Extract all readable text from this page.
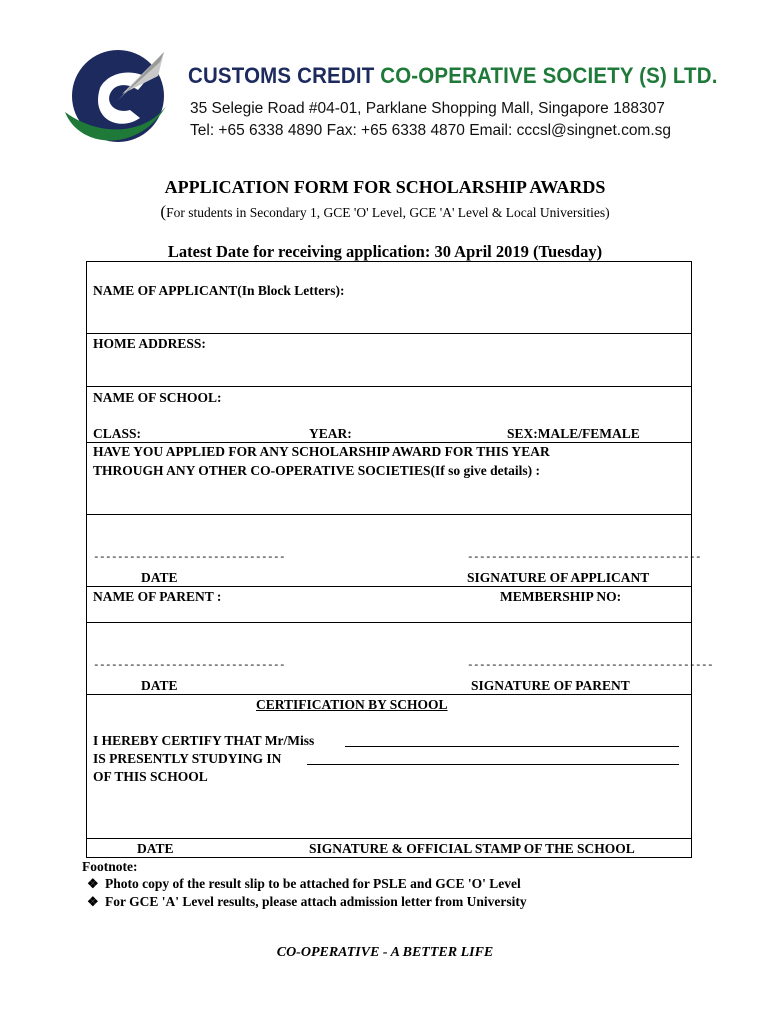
CUSTOMS CREDIT CO-OPERATIVE SOCIETY (S) LTD.
35 Selegie Road #04-01, Parklane Shopping Mall, Singapore 188307
Tel: +65 6338 4890 Fax: +65 6338 4870 Email: cccsl@singnet.com.sg
APPLICATION FORM FOR SCHOLARSHIP AWARDS
(For students in Secondary 1, GCE 'O' Level, GCE 'A' Level & Local Universities)
Latest Date for receiving application: 30 April 2019 (Tuesday)
NAME OF APPLICANT(In Block Letters):
HOME ADDRESS:
NAME OF SCHOOL:
CLASS:	YEAR:	SEX:MALE/FEMALE
HAVE YOU APPLIED FOR ANY SCHOLARSHIP AWARD FOR THIS YEAR
THROUGH ANY OTHER CO-OPERATIVE SOCIETIES(If so give details) :
--------------------------------	---------------------------------------
DATE	SIGNATURE OF APPLICANT
NAME OF PARENT :	MEMBERSHIP NO:
--------------------------------	-----------------------------------------
DATE	SIGNATURE OF PARENT
CERTIFICATION BY SCHOOL
I HEREBY CERTIFY THAT Mr/Miss
IS PRESENTLY STUDYING IN
OF THIS SCHOOL
DATE	SIGNATURE & OFFICIAL STAMP OF THE SCHOOL
Footnote:
❖ Photo copy of the result slip to be attached for PSLE and GCE 'O' Level
❖ For GCE 'A' Level results, please attach admission letter from University
CO-OPERATIVE - A BETTER LIFE
